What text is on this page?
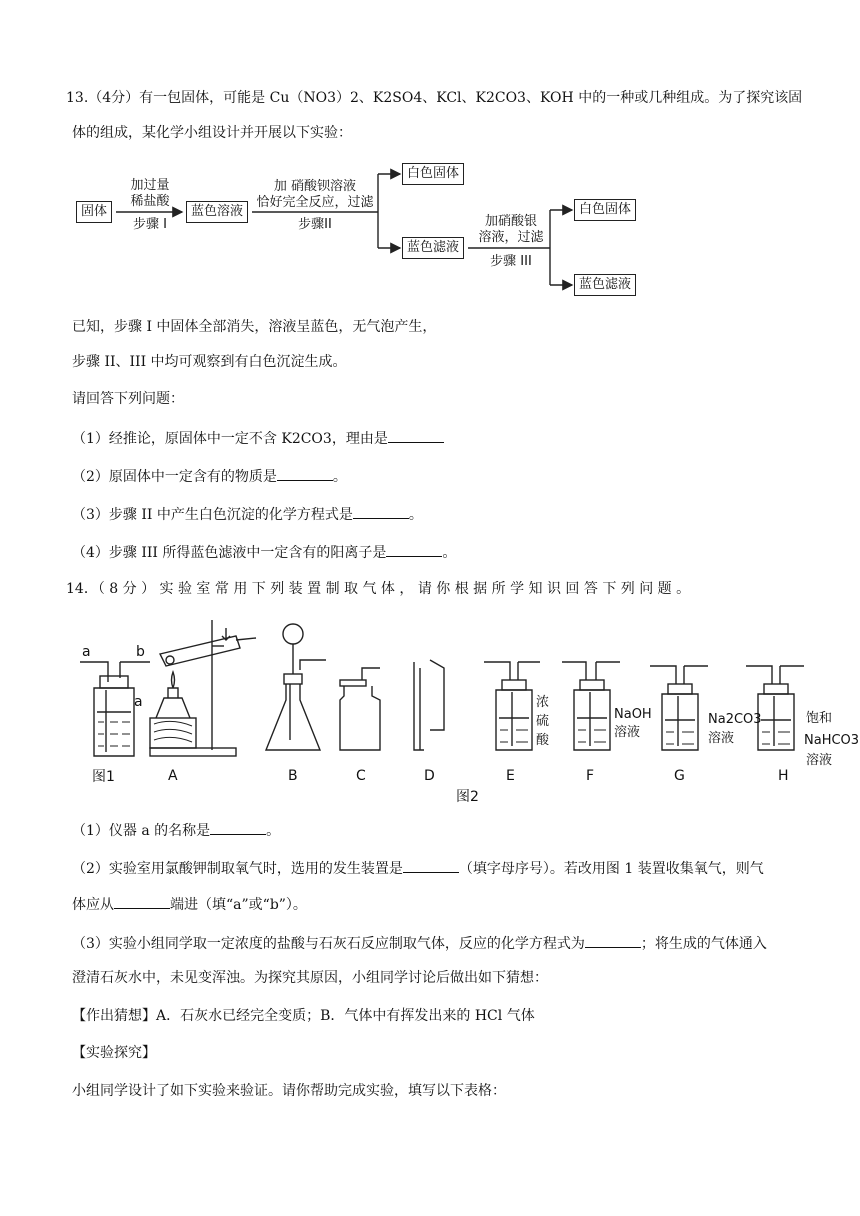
13.（4分）有一包固体，可能是 Cu（NO3）2、K2SO4、KCl、K2CO3、KOH 中的一种或几种组成。为了探究该固
体的组成，某化学小组设计并开展以下实验：
固体	蓝色溶液
白色固体
蓝色滤液
白色固体
蓝色滤液
加过量
稀盐酸
步骤 I
加 硝酸钡溶液
恰好完全反应，过滤
步骤II	加硝酸银
溶液，过滤
步骤 III
已知，步骤 I 中固体全部消失，溶液呈蓝色，无气泡产生，
步骤 II、III 中均可观察到有白色沉淀生成。
请回答下列问题：
（1）经推论，原固体中一定不含 K2CO3，理由是
（2）原固体中一定含有的物质是	。
（3）步骤 II 中产生白色沉淀的化学方程式是	。
（4）步骤 III 所得蓝色滤液中一定含有的阳离子是	。
14．（ 8 分 ） 实 验 室 常 用 下 列 装 置 制 取 气 体 ， 请 你 根 据 所 学 知 识 回 答 下 列 问 题 。
a	b
a
图1	A	B	C	D	E	F	G	H
图2
浓
硫
酸
NaOH
溶液
Na2CO3
溶液
饱和
NaHCO3
溶液
（1）仪器 a 的名称是	。
（2）实验室用氯酸钾制取氧气时，选用的发生装置是	（填字母序号）。若改用图 1 装置收集氧气，则气
体应从	端进（填“a”或“b”）。
（3）实验小组同学取一定浓度的盐酸与石灰石反应制取气体，反应的化学方程式为	；将生成的气体通入
澄清石灰水中，未见变浑浊。为探究其原因，小组同学讨论后做出如下猜想：
【作出猜想】A．石灰水已经完全变质；B．气体中有挥发出来的 HCl 气体
【实验探究】
小组同学设计了如下实验来验证。请你帮助完成实验，填写以下表格：
